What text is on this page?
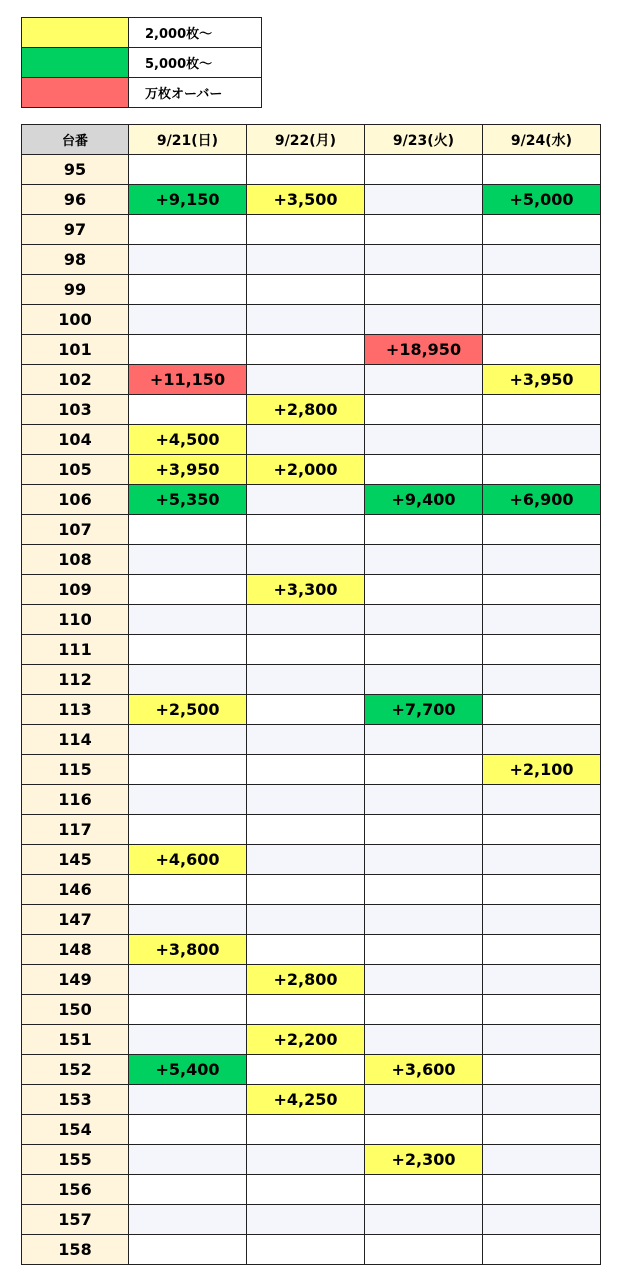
	2,000枚〜
	5,000枚〜
	万枚オーバー
台番	9/21(日)	9/22(月)	9/23(火)	9/24(水)
95				
96	+9,150	+3,500		+5,000
97				
98				
99				
100				
101			+18,950	
102	+11,150			+3,950
103		+2,800		
104	+4,500			
105	+3,950	+2,000		
106	+5,350		+9,400	+6,900
107				
108				
109		+3,300		
110				
111				
112				
113	+2,500		+7,700	
114				
115				+2,100
116				
117				
145	+4,600			
146				
147				
148	+3,800			
149		+2,800		
150				
151		+2,200		
152	+5,400		+3,600	
153		+4,250		
154				
155			+2,300	
156				
157				
158				
